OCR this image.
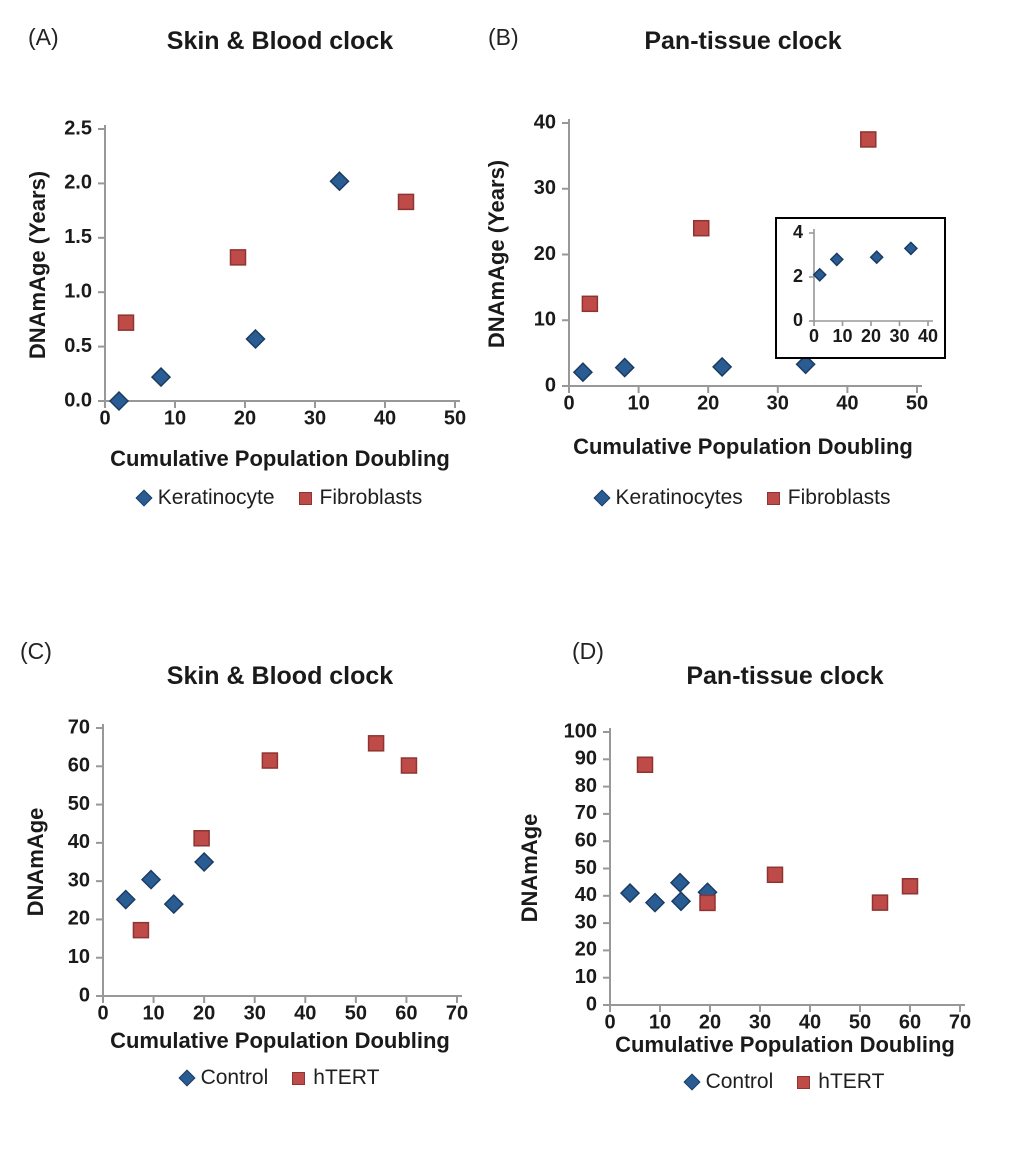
0	10 20 30 40 50
0.0
0.5
1.0
1.5
2.0
2.5
0	10 20 30 40 50
0
10
20
30
40
0 10 20 30 40
0
2
4
0 10 20 30 40 50 60 70
0
10
20
30
40
50
60
70
0 10 20 30 40 50 60 70
0
10
20
30
40
50
60
70
80
90
100
(A)	Skin & Blood clock
DNAmAge (Years)
Cumulative Population Doubling
Keratinocyte Fibroblasts
(B)	Pan-tissue clock
DNAmAge (Years)
Cumulative Population Doubling
Keratinocytes Fibroblasts
(C)
Skin & Blood clock
DNAmAge
Cumulative Population Doubling
Control hTERT
(D)
Pan-tissue clock
DNAmAge
Cumulative Population Doubling
Control hTERT
